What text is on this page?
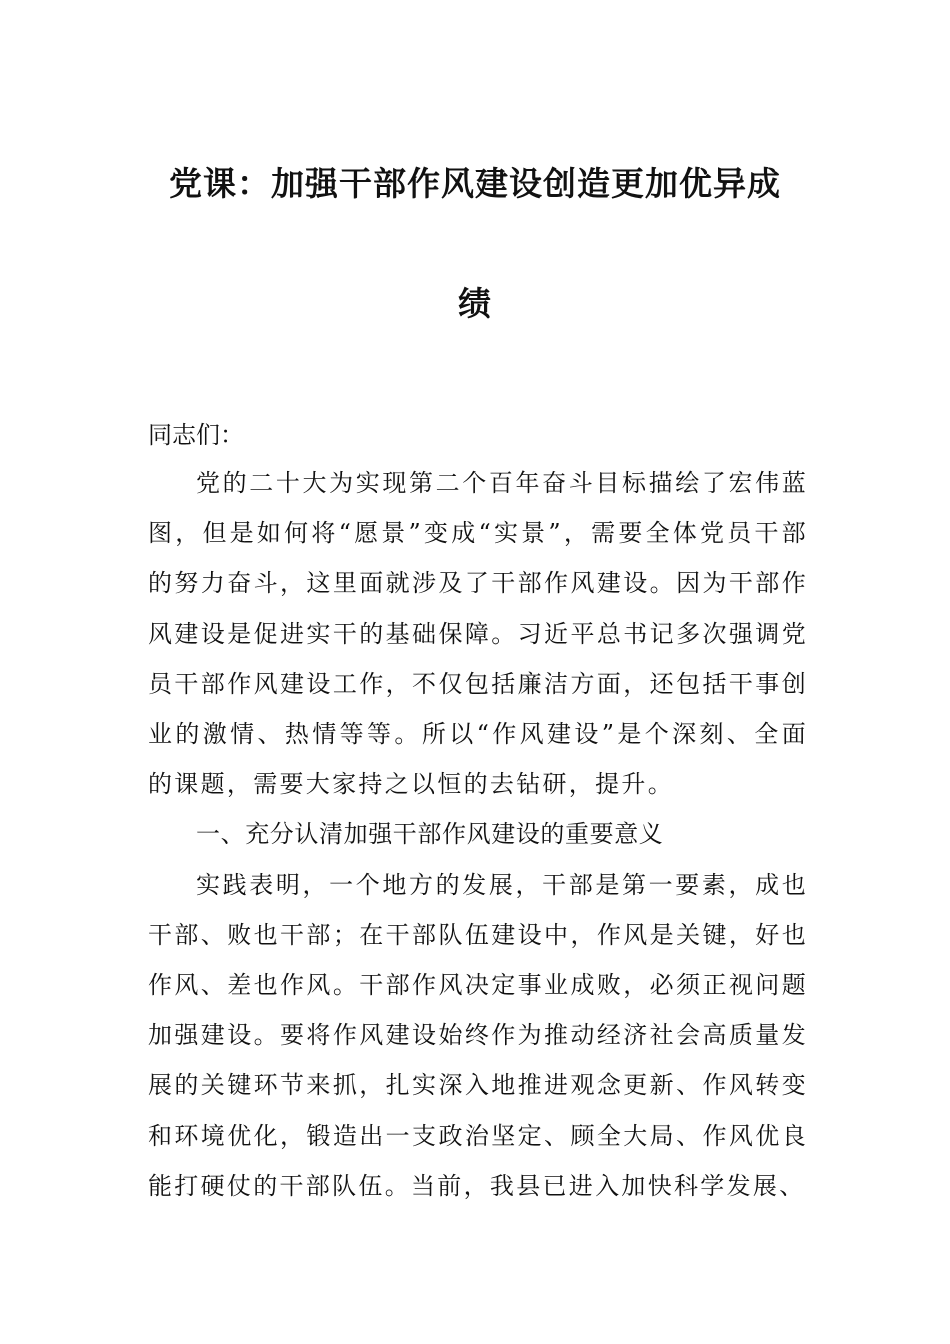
党课：加强干部作风建设创造更加优异成
绩
同志们：

党的二十大为实现第二个百年奋斗目标描绘了宏伟蓝图，但是如何将“愿景”变成“实景”，需要全体党员干部的努力奋斗，这里面就涉及了干部作风建设。因为干部作风建设是促进实干的基础保障。习近平总书记多次强调党员干部作风建设工作，不仅包括廉洁方面，还包括干事创业的激情、热情等等。所以“作风建设”是个深刻、全面的课题，需要大家持之以恒的去钻研，提升。

一、充分认清加强干部作风建设的重要意义

实践表明，一个地方的发展，干部是第一要素，成也干部、败也干部；在干部队伍建设中，作风是关键，好也作风、差也作风。干部作风决定事业成败，必须正视问题加强建设。要将作风建设始终作为推动经济社会高质量发展的关键环节来抓，扎实深入地推进观念更新、作风转变和环境优化，锻造出一支政治坚定、顾全大局、作风优良能打硬仗的干部队伍。当前，我县已进入加快科学发展、
